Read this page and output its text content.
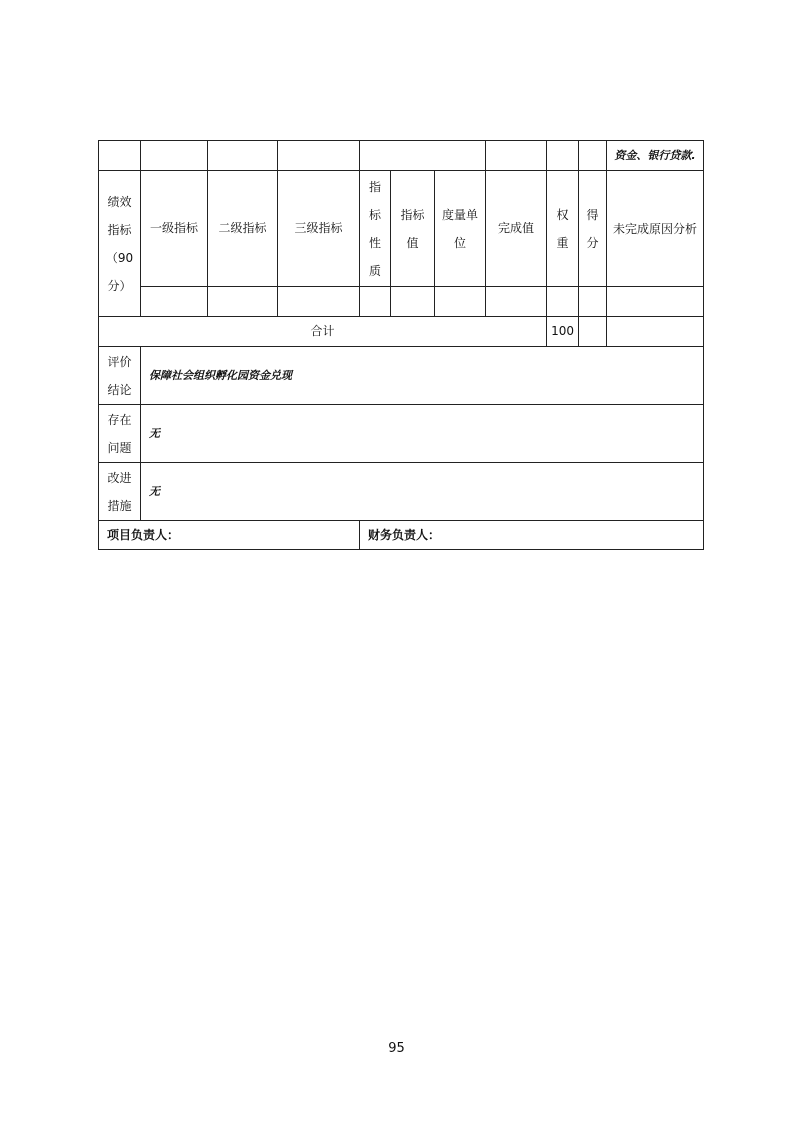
										资金、银行贷款.

绩效指标（90分）	一级指标	二级指标	三级指标	指标性质	指标值	度量单位	完成值	权重	得分	未完成原因分析

合计								100		

评价结论	保障社会组织孵化园资金兑现									

存在问题	无									

改进措施	无									
项目负责人：				财务负责人：						
95
